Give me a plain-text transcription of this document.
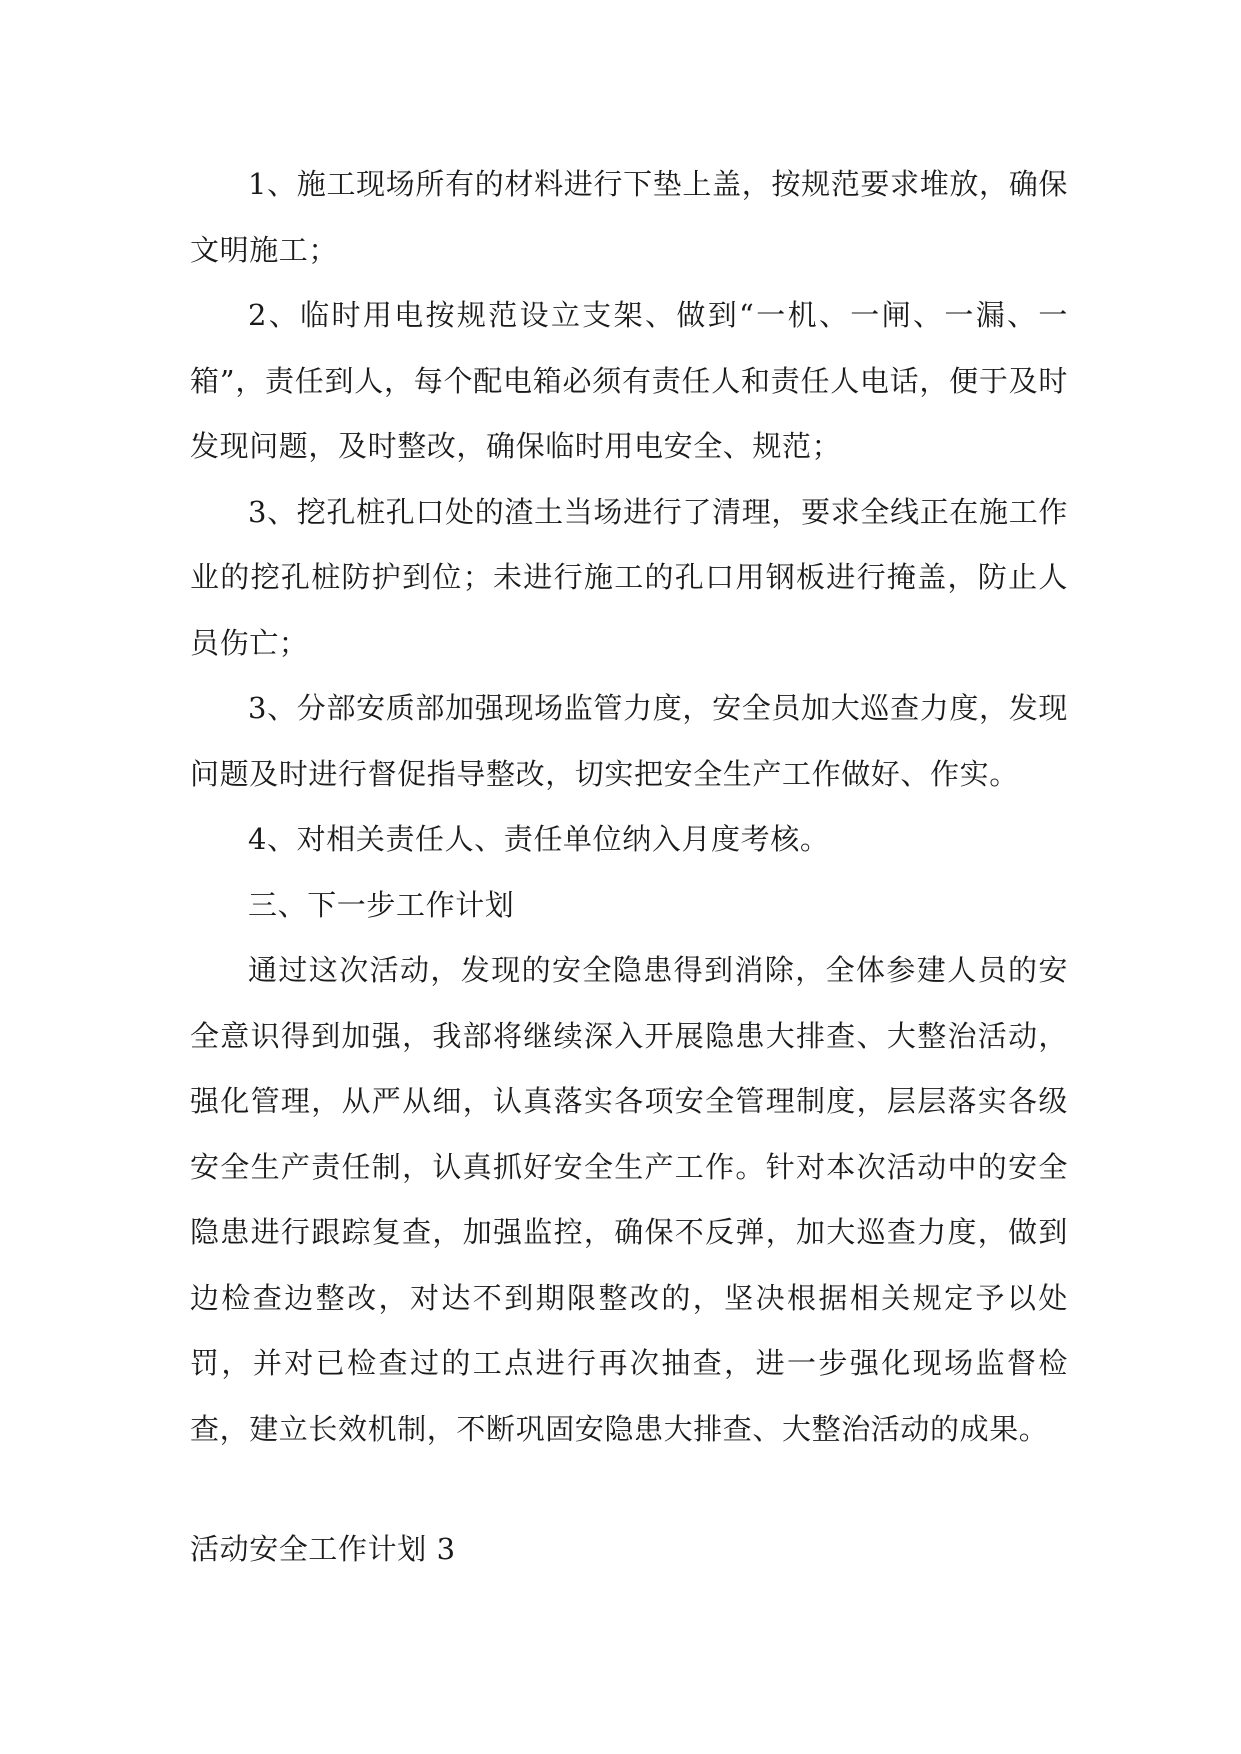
1、施工现场所有的材料进行下垫上盖，按规范要求堆放，确保文明施工；

2、临时用电按规范设立支架、做到“一机、一闸、一漏、一箱”，责任到人，每个配电箱必须有责任人和责任人电话，便于及时发现问题，及时整改，确保临时用电安全、规范；

3、挖孔桩孔口处的渣土当场进行了清理，要求全线正在施工作业的挖孔桩防护到位；未进行施工的孔口用钢板进行掩盖，防止人员伤亡；

3、分部安质部加强现场监管力度，安全员加大巡查力度，发现问题及时进行督促指导整改，切实把安全生产工作做好、作实。

4、对相关责任人、责任单位纳入月度考核。

三、下一步工作计划

通过这次活动，发现的安全隐患得到消除，全体参建人员的安全意识得到加强，我部将继续深入开展隐患大排查、大整治活动，强化管理，从严从细，认真落实各项安全管理制度，层层落实各级安全生产责任制，认真抓好安全生产工作。针对本次活动中的安全隐患进行跟踪复查，加强监控，确保不反弹，加大巡查力度，做到边检查边整改，对达不到期限整改的，坚决根据相关规定予以处罚，并对已检查过的工点进行再次抽查，进一步强化现场监督检查，建立长效机制，不断巩固安隐患大排查、大整治活动的成果。

活动安全工作计划 3
